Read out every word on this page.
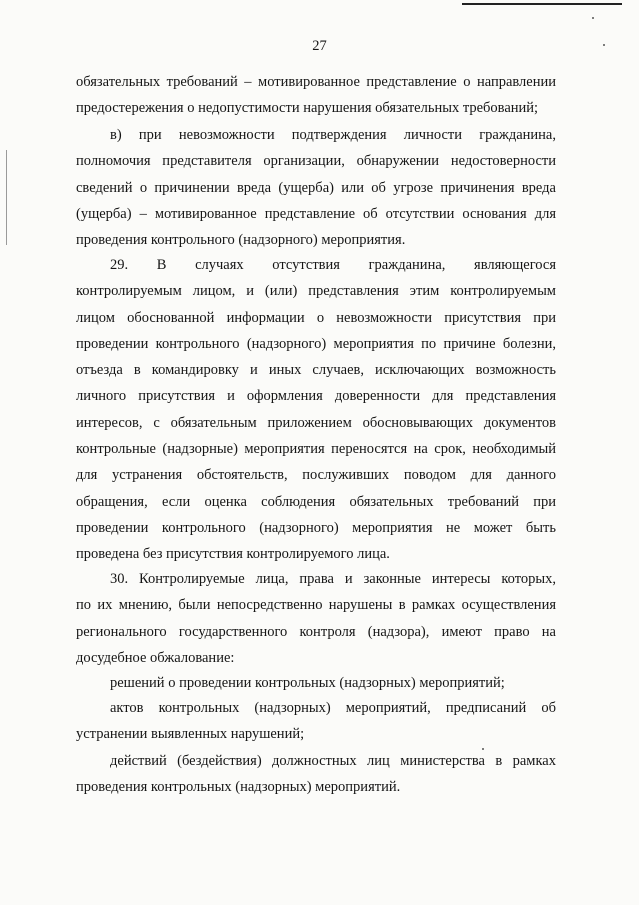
27
обязательных требований – мотивированное представление о направлении
предостережения о недопустимости нарушения обязательных требований;
в) при невозможности подтверждения личности гражданина,
полномочия представителя организации, обнаружении недостоверности
сведений о причинении вреда (ущерба) или об угрозе причинения вреда
(ущерба) – мотивированное представление об отсутствии основания для
проведения контрольного (надзорного) мероприятия.
29. В случаях отсутствия гражданина, являющегося
контролируемым лицом, и (или) представления этим контролируемым
лицом обоснованной информации о невозможности присутствия при
проведении контрольного (надзорного) мероприятия по причине болезни,
отъезда в командировку и иных случаев, исключающих возможность
личного присутствия и оформления доверенности для представления
интересов, с обязательным приложением обосновывающих документов
контрольные (надзорные) мероприятия переносятся на срок, необходимый
для устранения обстоятельств, послуживших поводом для данного
обращения, если оценка соблюдения обязательных требований при
проведении контрольного (надзорного) мероприятия не может быть
проведена без присутствия контролируемого лица.
30. Контролируемые лица, права и законные интересы которых,
по их мнению, были непосредственно нарушены в рамках осуществления
регионального государственного контроля (надзора), имеют право на
досудебное обжалование:
решений о проведении контрольных (надзорных) мероприятий;
актов контрольных (надзорных) мероприятий, предписаний об
устранении выявленных нарушений;
действий (бездействия) должностных лиц министерства в рамках
проведения контрольных (надзорных) мероприятий.
